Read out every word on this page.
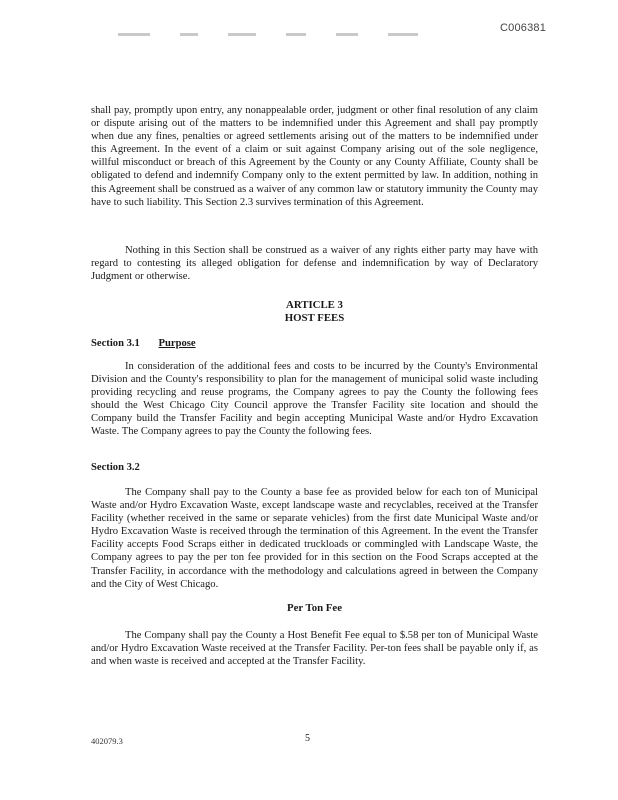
C006381
shall pay, promptly upon entry, any nonappealable order, judgment or other final resolution of any claim or dispute arising out of the matters to be indemnified under this Agreement and shall pay promptly when due any fines, penalties or agreed settlements arising out of the matters to be indemnified under this Agreement. In the event of a claim or suit against Company arising out of the sole negligence, willful misconduct or breach of this Agreement by the County or any County Affiliate, County shall be obligated to defend and indemnify Company only to the extent permitted by law. In addition, nothing in this Agreement shall be construed as a waiver of any common law or statutory immunity the County may have to such liability. This Section 2.3 survives termination of this Agreement.
Nothing in this Section shall be construed as a waiver of any rights either party may have with regard to contesting its alleged obligation for defense and indemnification by way of Declaratory Judgment or otherwise.
ARTICLE 3
HOST FEES
Section 3.1 Purpose
In consideration of the additional fees and costs to be incurred by the County's Environmental Division and the County's responsibility to plan for the management of municipal solid waste including providing recycling and reuse programs, the Company agrees to pay the County the following fees should the West Chicago City Council approve the Transfer Facility site location and should the Company build the Transfer Facility and begin accepting Municipal Waste and/or Hydro Excavation Waste. The Company agrees to pay the County the following fees.
Section 3.2
The Company shall pay to the County a base fee as provided below for each ton of Municipal Waste and/or Hydro Excavation Waste, except landscape waste and recyclables, received at the Transfer Facility (whether received in the same or separate vehicles) from the first date Municipal Waste and/or Hydro Excavation Waste is received through the termination of this Agreement. In the event the Transfer Facility accepts Food Scraps either in dedicated truckloads or commingled with Landscape Waste, the Company agrees to pay the per ton fee provided for in this section on the Food Scraps accepted at the Transfer Facility, in accordance with the methodology and calculations agreed in between the Company and the City of West Chicago.
Per Ton Fee
The Company shall pay the County a Host Benefit Fee equal to $.58 per ton of Municipal Waste and/or Hydro Excavation Waste received at the Transfer Facility. Per-ton fees shall be payable only if, as and when waste is received and accepted at the Transfer Facility.
402079.3	5
